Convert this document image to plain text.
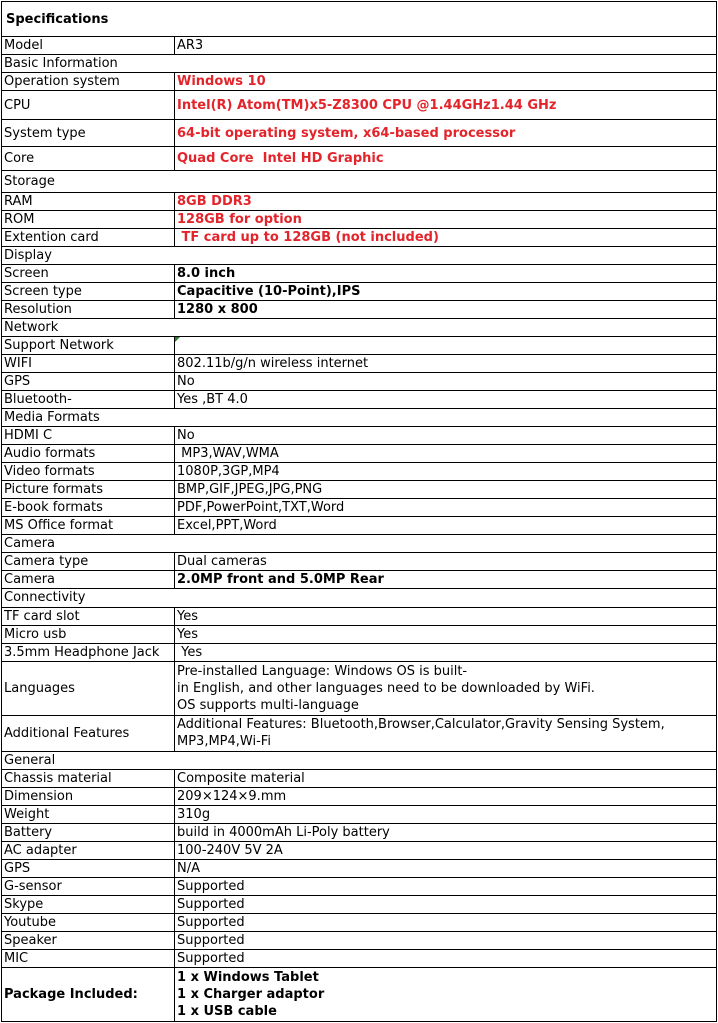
Specifications	
Model	AR3
Basic Information	
Operation system	Windows 10
CPU	Intel(R) Atom(TM)x5-Z8300 CPU @1.44GHz1.44 GHz
System type	64-bit operating system, x64-based processor
Core	Quad Core  Intel HD Graphic
Storage	
RAM	8GB DDR3
ROM	128GB for option
Extention card	TF card up to 128GB (not included)
Display	
Screen	8.0 inch
Screen type	Capacitive (10-Point),IPS
Resolution	1280 x 800
Network	
Support Network	

WIFI	802.11b/g/n wireless internet
GPS	No
Bluetooth-	Yes ,BT 4.0
Media Formats	
HDMI C	No
Audio formats	MP3,WAV,WMA
Video formats	1080P,3GP,MP4
Picture formats	BMP,GIF,JPEG,JPG,PNG
E-book formats	PDF,PowerPoint,TXT,Word
MS Office format	Excel,PPT,Word
Camera	
Camera type	Dual cameras
Camera	2.0MP front and 5.0MP Rear
Connectivity	
TF card slot	Yes
Micro usb	Yes
3.5mm Headphone Jack	Yes
Languages	Pre-installed Language: Windows OS is built-
in English, and other languages need to be downloaded by WiFi.
OS supports multi-language

Additional Features	Additional Features: Bluetooth,Browser,Calculator,Gravity Sensing System,
MP3,MP4,Wi-Fi

General	
Chassis material	Composite material
Dimension	209×124×9.mm
Weight	310g
Battery	build in 4000mAh Li-Poly battery
AC adapter	100-240V 5V 2A
GPS	N/A
G-sensor	Supported
Skype	Supported
Youtube	Supported
Speaker	Supported
MIC	Supported
Package Included:	1 x Windows Tablet
1 x Charger adaptor
1 x USB cable
